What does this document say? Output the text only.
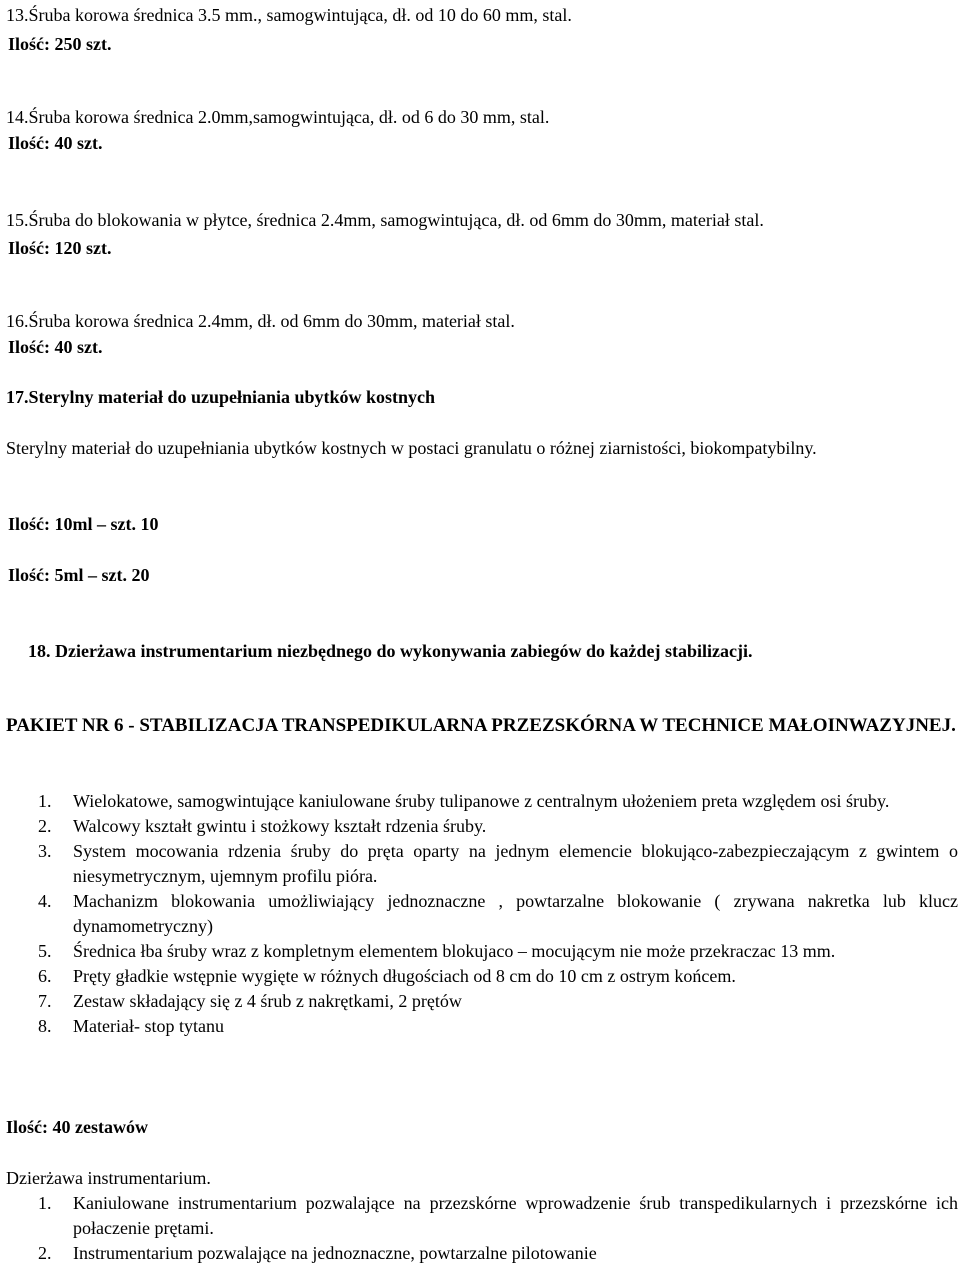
13.Śruba korowa średnica 3.5 mm., samogwintująca, dł. od 10 do 60 mm, stal.
Ilość: 250 szt.
14.Śruba korowa średnica 2.0mm,samogwintująca, dł. od 6 do 30 mm, stal.
Ilość: 40 szt.
15.Śruba do blokowania w płytce, średnica 2.4mm, samogwintująca, dł. od 6mm do 30mm, materiał stal.
Ilość: 120 szt.
16.Śruba korowa średnica 2.4mm, dł. od 6mm do 30mm, materiał stal.
Ilość: 40 szt.
17.Sterylny materiał do uzupełniania ubytków kostnych
Sterylny materiał do uzupełniania ubytków kostnych w postaci granulatu o różnej ziarnistości, biokompatybilny.
Ilość: 10ml – szt. 10
Ilość: 5ml – szt. 20
18. Dzierżawa instrumentarium niezbędnego do wykonywania zabiegów do każdej stabilizacji.
PAKIET NR 6 - STABILIZACJA TRANSPEDIKULARNA PRZEZSKÓRNA W TECHNICE MAŁOINWAZYJNEJ.
1. Wielokatowe, samogwintujące kaniulowane śruby tulipanowe z centralnym ułożeniem preta względem osi śruby.
2. Walcowy kształt gwintu i stożkowy kształt rdzenia śruby.
3. System mocowania rdzenia śruby do pręta oparty na jednym elemencie blokująco-zabezpieczającym z gwintem o niesymetrycznym, ujemnym profilu pióra.
4. Machanizm blokowania umożliwiający jednoznaczne , powtarzalne blokowanie ( zrywana nakretka lub klucz dynamometryczny)
5. Średnica łba śruby wraz z kompletnym elementem blokujaco – mocującym nie może przekraczac 13 mm.
6. Pręty gładkie wstępnie wygięte w różnych długościach od 8 cm do 10 cm z ostrym końcem.
7. Zestaw składający się z 4 śrub z nakrętkami, 2 prętów
8. Materiał- stop tytanu
Ilość: 40 zestawów
Dzierżawa instrumentarium.
1. Kaniulowane instrumentarium pozwalające na przezskórne wprowadzenie śrub transpedikularnych i przezskórne ich połaczenie prętami.
2. Instrumentarium pozwalające na jednoznaczne, powtarzalne pilotowanie
